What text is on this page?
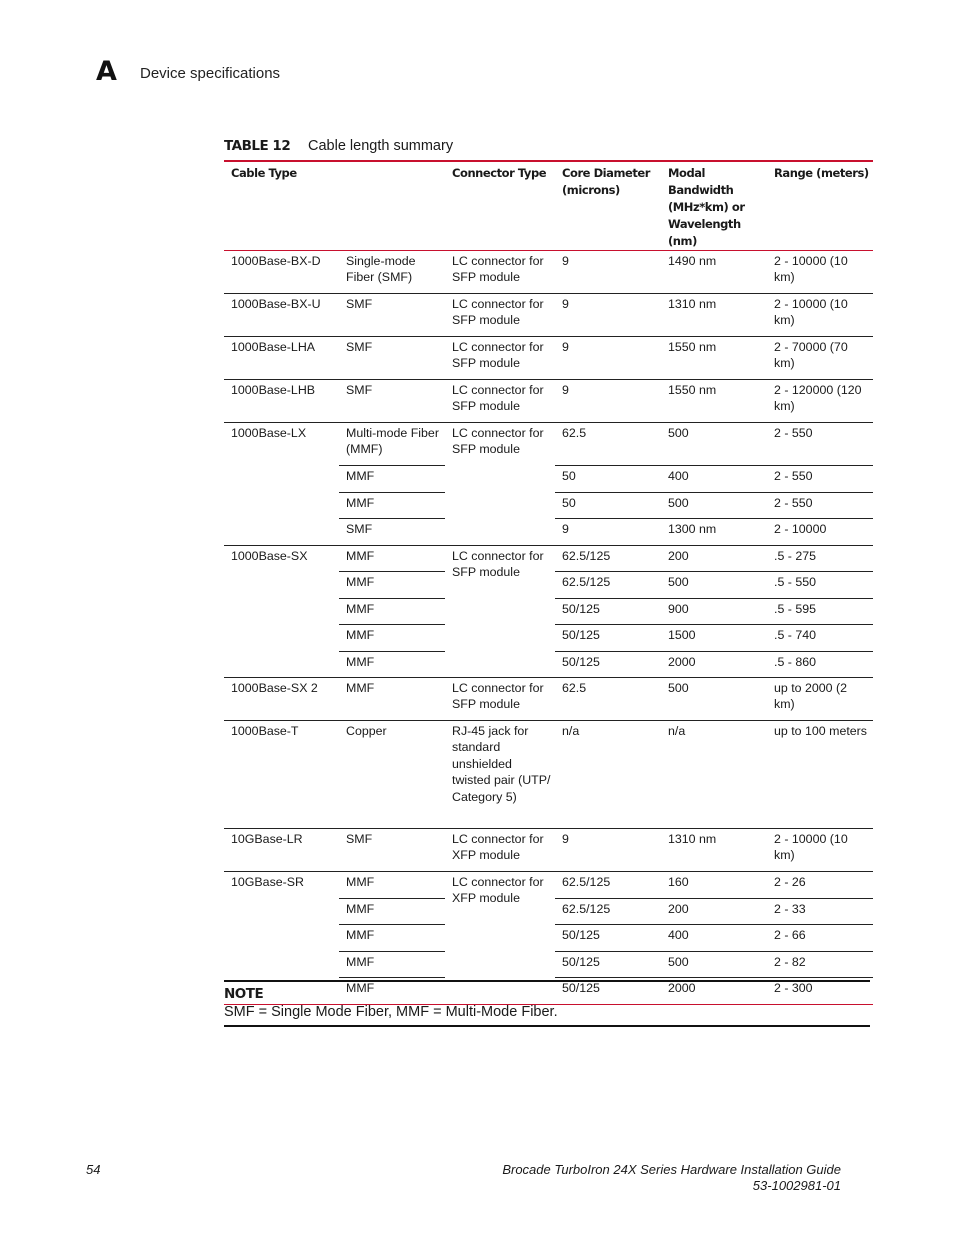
A Device specifications
TABLE 12 Cable length summary
Cable Type		Connector Type	Core Diameter (microns)	Modal Bandwidth (MHz*km) or Wavelength (nm)	Range (meters)
1000Base-BX-D	Single-mode Fiber (SMF)	LC connector for SFP module	9	1490 nm	2 - 10000 (10 km)
1000Base-BX-U	SMF	LC connector for SFP module	9	1310 nm	2 - 10000 (10 km)
1000Base-LHA	SMF	LC connector for SFP module	9	1550 nm	2 - 70000 (70 km)
1000Base-LHB	SMF	LC connector for SFP module	9	1550 nm	2 - 120000 (120 km)
1000Base-LX	Multi-mode Fiber (MMF)	LC connector for SFP module	62.5	500	2 - 550
	MMF		50	400	2 - 550
	MMF		50	500	2 - 550
	SMF		9	1300 nm	2 - 10000
1000Base-SX	MMF	LC connector for SFP module	62.5/125	200	.5 - 275
	MMF		62.5/125	500	.5 - 550
	MMF		50/125	900	.5 - 595
	MMF		50/125	1500	.5 - 740
	MMF		50/125	2000	.5 - 860
1000Base-SX 2	MMF	LC connector for SFP module	62.5	500	up to 2000 (2 km)
1000Base-T	Copper	RJ-45 jack for standard unshielded twisted pair (UTP/ Category 5)	n/a	n/a	up to 100 meters
10GBase-LR	SMF	LC connector for XFP module	9	1310 nm	2 - 10000 (10 km)
10GBase-SR	MMF	LC connector for XFP module	62.5/125	160	2 - 26
	MMF		62.5/125	200	2 - 33
	MMF		50/125	400	2 - 66
	MMF		50/125	500	2 - 82
	MMF		50/125	2000	2 - 300
NOTE
SMF = Single Mode Fiber, MMF = Multi-Mode Fiber.
54	Brocade TurboIron 24X Series Hardware Installation Guide
53-1002981-01
